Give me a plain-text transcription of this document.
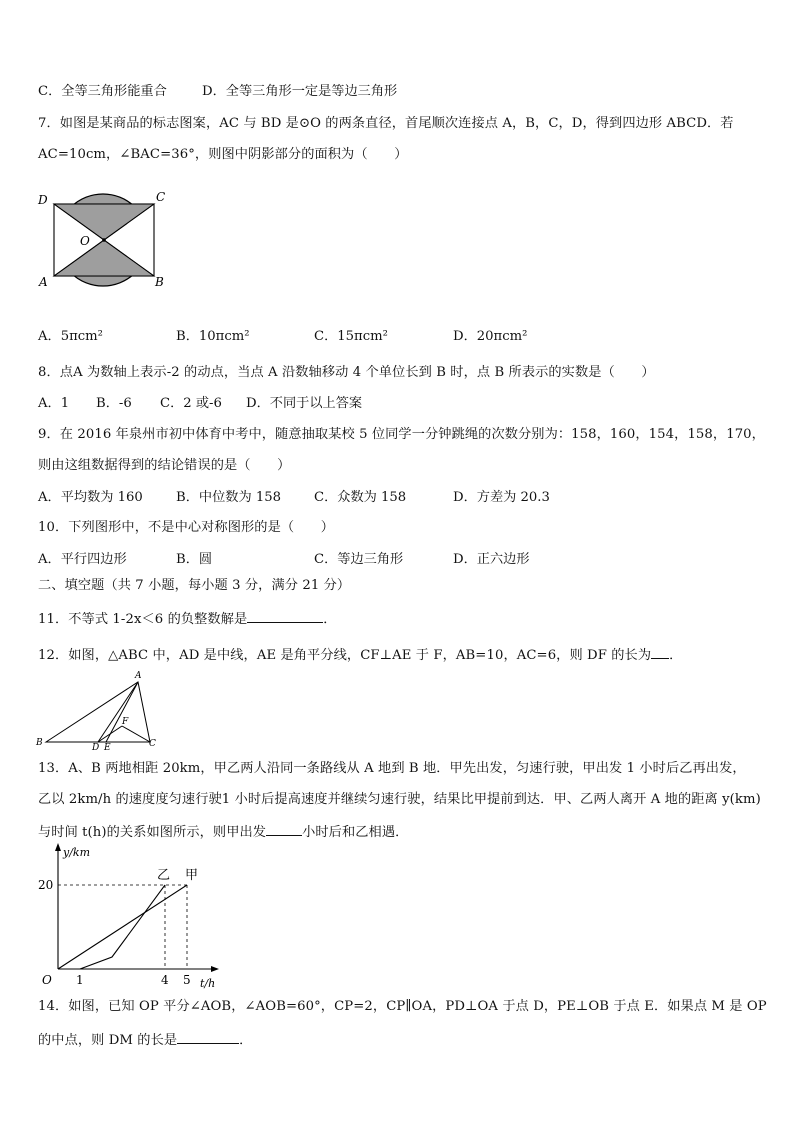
C．全等三角形能重合	D．全等三角形一定是等边三角形
7．如图是某商品的标志图案，AC 与 BD 是⊙O 的两条直径，首尾顺次连接点 A，B，C，D，得到四边形 ABCD．若
AC=10cm，∠BAC=36°，则图中阴影部分的面积为（　　）
D	C
O
A	B
A．5πcm²	B．10πcm²	C．15πcm²	D．20πcm²
8．点A 为数轴上表示-2 的动点，当点 A 沿数轴移动 4 个单位长到 B 时，点 B 所表示的实数是（　　）
A．1 B．-6 C．2 或-6 D．不同于以上答案
9．在 2016 年泉州市初中体育中考中，随意抽取某校 5 位同学一分钟跳绳的次数分别为：158，160，154，158，170，
则由这组数据得到的结论错误的是（　　）
A．平均数为 160	B．中位数为 158	C．众数为 158	D．方差为 20.3
10．下列图形中，不是中心对称图形的是（　　）
A．平行四边形	B．圆	C．等边三角形	D．正六边形
二、填空题（共 7 小题，每小题 3 分，满分 21 分）
11．不等式 1-2x＜6 的负整数解是	．
12．如图，△ABC 中，AD 是中线，AE 是角平分线，CF⊥AE 于 F，AB=10，AC=6，则 DF 的长为 ．
A
B	C
D E
F
13．A、B 两地相距 20km，甲乙两人沿同一条路线从 A 地到 B 地．甲先出发，匀速行驶，甲出发 1 小时后乙再出发，
乙以 2km/h 的速度度匀速行驶1 小时后提高速度并继续匀速行驶，结果比甲提前到达．甲、乙两人离开 A 地的距离 y(km)
与时间 t(h)的关系如图所示，则甲出发	小时后和乙相遇．
y/km
t/h
O
20
1	4 5
乙 甲
14．如图，已知 OP 平分∠AOB，∠AOB=60°，CP=2，CP∥OA，PD⊥OA 于点 D，PE⊥OB 于点 E．如果点 M 是 OP
的中点，则 DM 的长是	．
